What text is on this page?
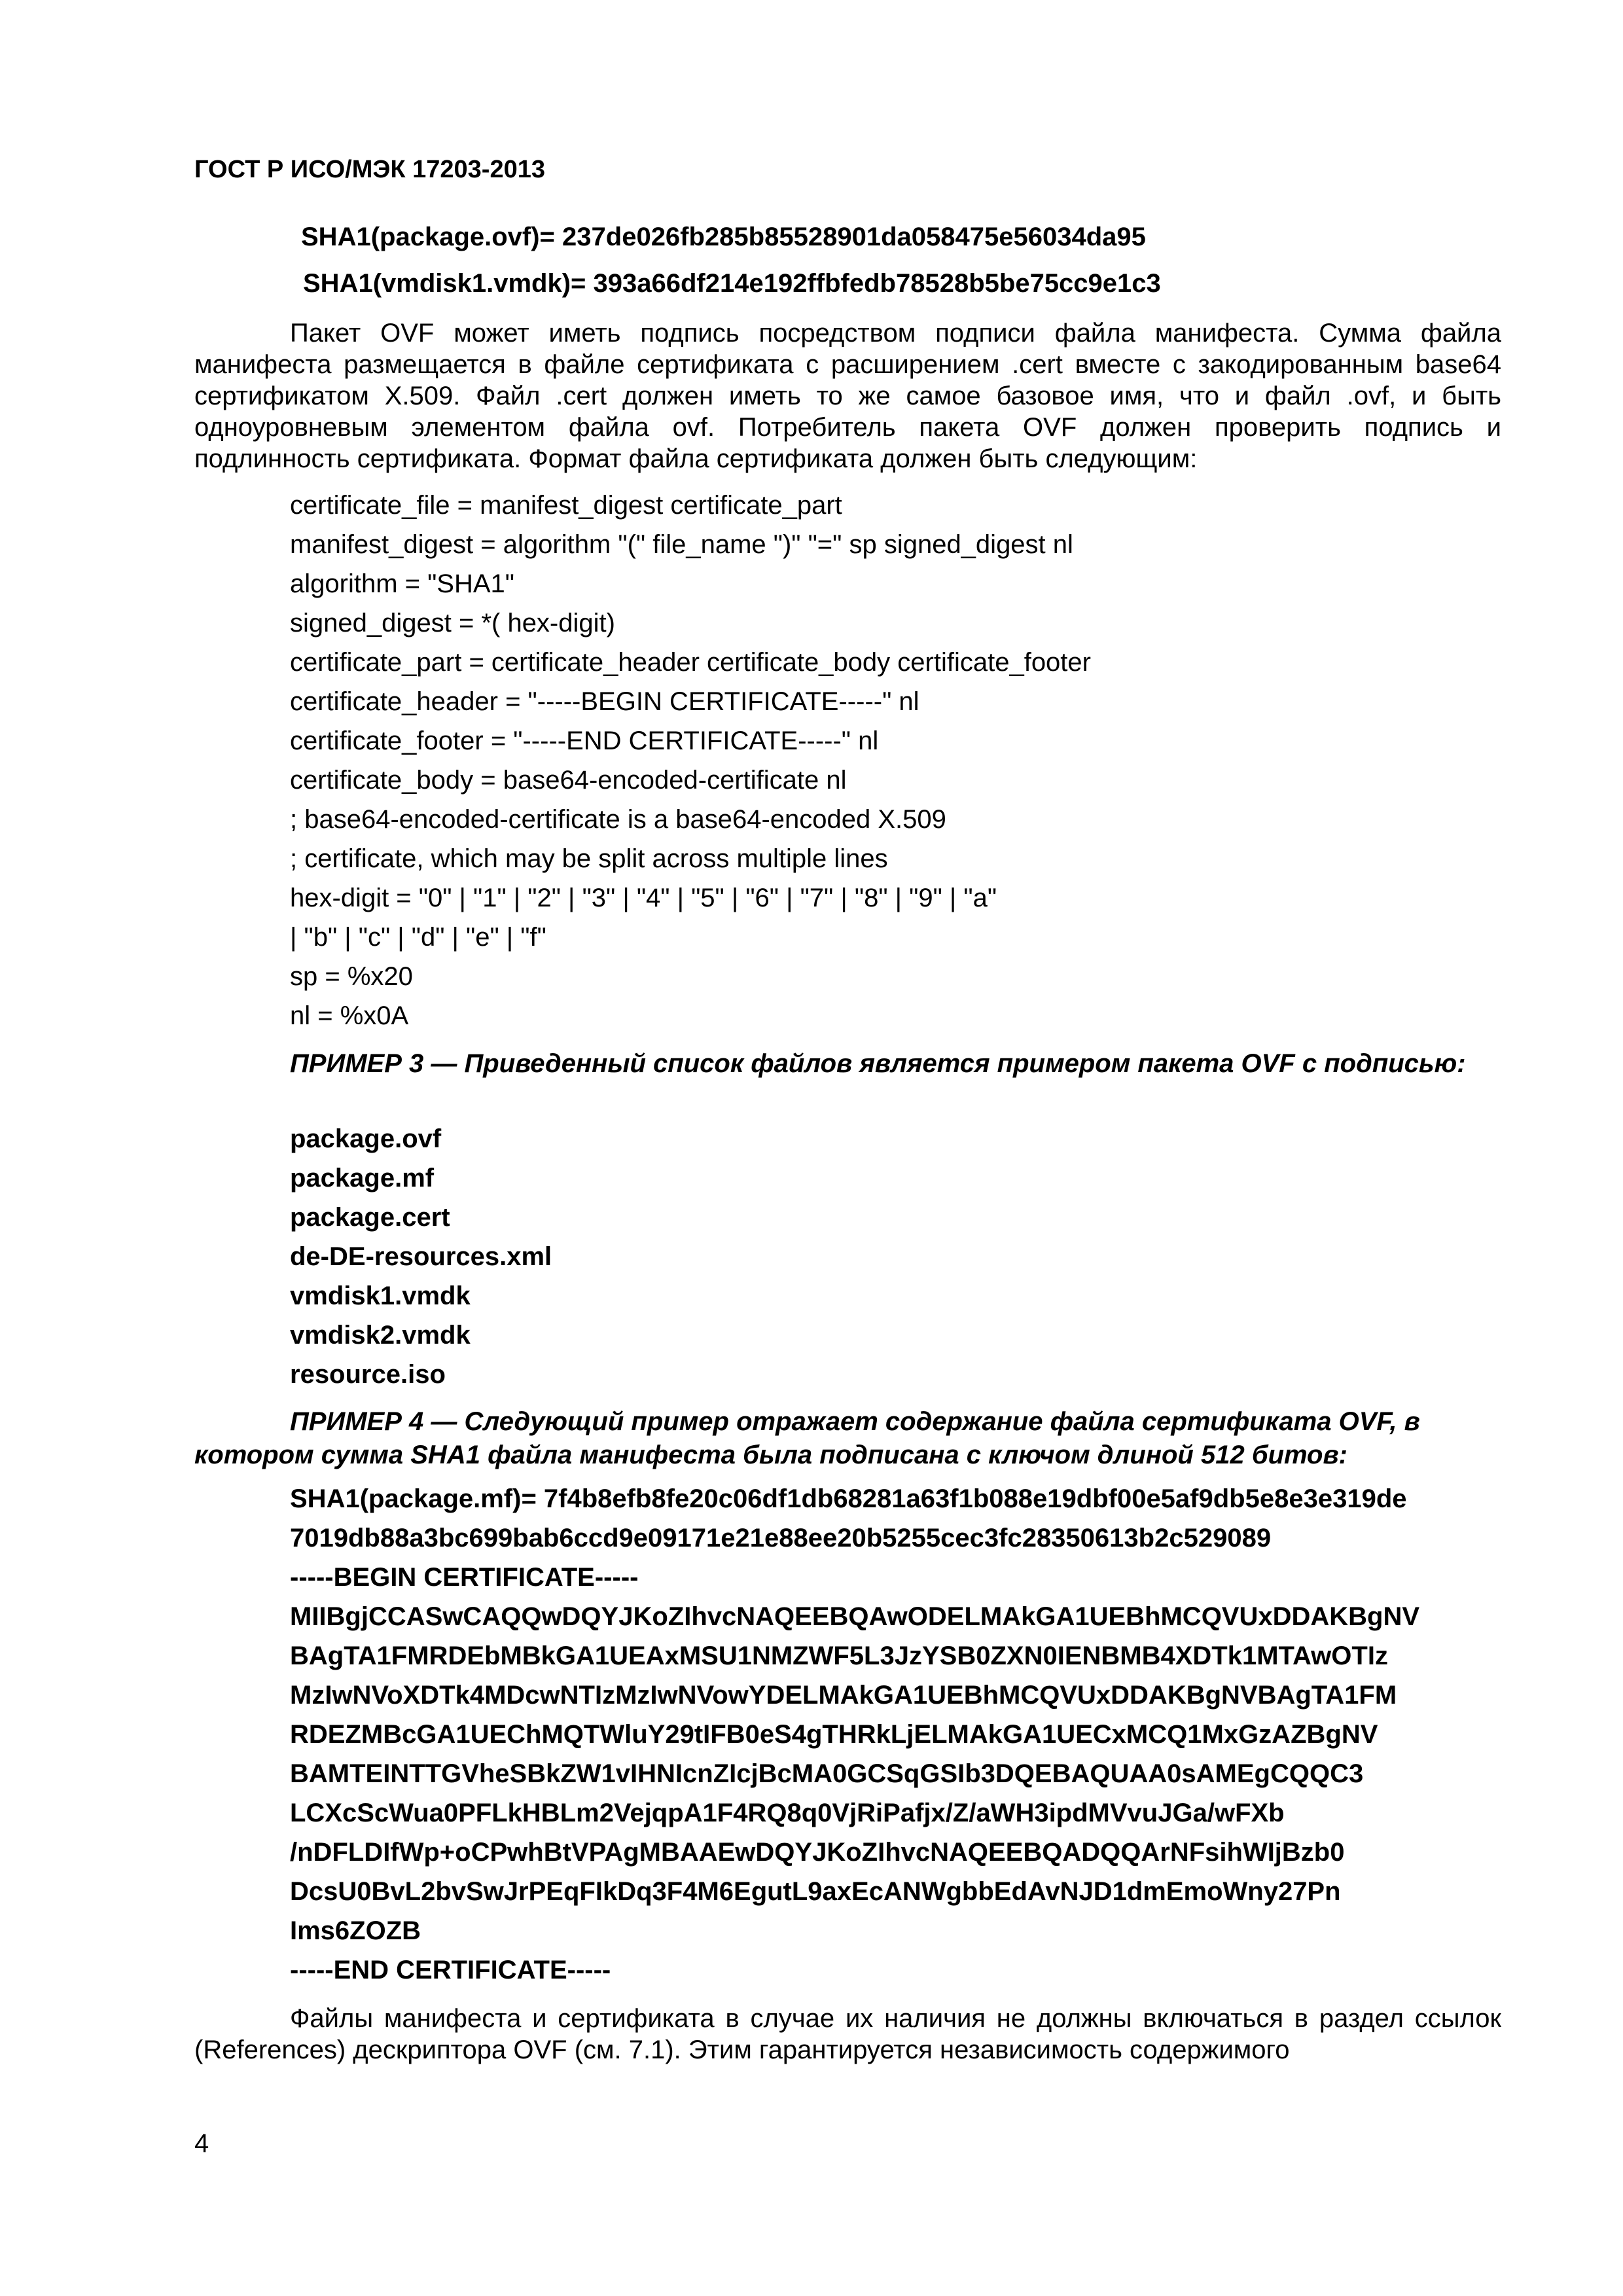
ГОСТ Р ИСО/МЭК 17203-2013
SHA1(package.ovf)= 237de026fb285b85528901da058475e56034da95
SHA1(vmdisk1.vmdk)= 393a66df214e192ffbfedb78528b5be75cc9e1c3
Пакет OVF может иметь подпись посредством подписи файла манифеста. Сумма файла манифеста размещается в файле сертификата с расширением .cert вместе с закодированным base64 сертификатом X.509. Файл .cert должен иметь то же самое базовое имя, что и файл .ovf, и быть одноуровневым элементом файла ovf. Потребитель пакета OVF должен проверить подпись и подлинность сертификата. Формат файла сертификата должен быть следующим:
certificate_file = manifest_digest certificate_part
manifest_digest = algorithm "(" file_name ")" "=" sp signed_digest nl
algorithm = "SHA1"
signed_digest = *( hex-digit)
certificate_part = certificate_header certificate_body certificate_footer
certificate_header = "-----BEGIN CERTIFICATE-----" nl
certificate_footer = "-----END CERTIFICATE-----" nl
certificate_body = base64-encoded-certificate nl
; base64-encoded-certificate is a base64-encoded X.509
; certificate, which may be split across multiple lines
hex-digit = "0" | "1" | "2" | "3" | "4" | "5" | "6" | "7" | "8" | "9" | "a"
| "b" | "c" | "d" | "e" | "f"
sp = %x20
nl = %x0A
ПРИМЕР 3 — Приведенный список файлов является примером пакета OVF с подписью:
package.ovf
package.mf
package.cert
de-DE-resources.xml
vmdisk1.vmdk
vmdisk2.vmdk
resource.iso
ПРИМЕР 4 — Следующий пример отражает содержание файла сертификата OVF, в котором сумма SHA1 файла манифеста была подписана с ключом длиной 512 битов:
SHA1(package.mf)= 7f4b8efb8fe20c06df1db68281a63f1b088e19dbf00e5af9db5e8e3e319de
7019db88a3bc699bab6ccd9e09171e21e88ee20b5255cec3fc28350613b2c529089
-----BEGIN CERTIFICATE-----
MIIBgjCCASwCAQQwDQYJKoZIhvcNAQEEBQAwODELMAkGA1UEBhMCQVUxDDAKBgNV
BAgTA1FMRDEbMBkGA1UEAxMSU1NMZWF5L3JzYSB0ZXN0IENBMB4XDTk1MTAwOTIz
MzIwNVoXDTk4MDcwNTIzMzIwNVowYDELMAkGA1UEBhMCQVUxDDAKBgNVBAgTA1FM
RDEZMBcGA1UEChMQTWluY29tIFB0eS4gTHRkLjELMAkGA1UECxMCQ1MxGzAZBgNV
BAMTEINTTGVheSBkZW1vIHNIcnZIcjBcMA0GCSqGSIb3DQEBAQUAA0sAMEgCQQC3
LCXcScWua0PFLkHBLm2VejqpA1F4RQ8q0VjRiPafjx/Z/aWH3ipdMVvuJGa/wFXb
/nDFLDIfWp+oCPwhBtVPAgMBAAEwDQYJKoZIhvcNAQEEBQADQQArNFsihWIjBzb0
DcsU0BvL2bvSwJrPEqFIkDq3F4M6EgutL9axEcANWgbbEdAvNJD1dmEmoWny27Pn
Ims6ZOZB
-----END CERTIFICATE-----
Файлы манифеста и сертификата в случае их наличия не должны включаться в раздел ссылок (References) дескриптора OVF (см. 7.1). Этим гарантируется независимость содержимого
4
